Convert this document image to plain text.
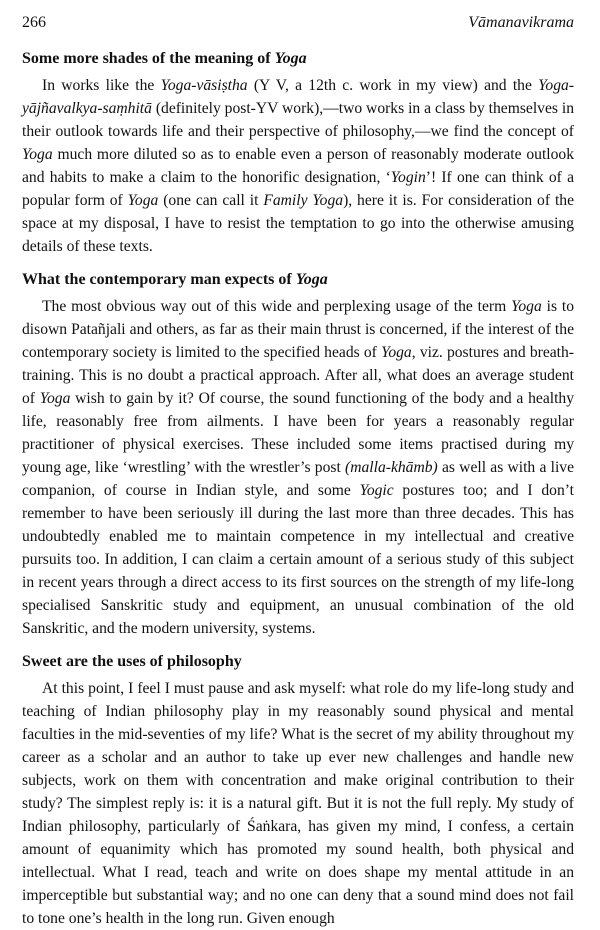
266	Vāmanavikrama
Some more shades of the meaning of Yoga

In works like the Yoga-vāsiṣtha (Y V, a 12th c. work in my view) and the Yoga-yājñavalkya-saṃhitā (definitely post-YV work),—two works in a class by themselves in their outlook towards life and their perspective of philosophy,—we find the concept of Yoga much more diluted so as to enable even a person of reasonably moderate outlook and habits to make a claim to the honorific designation, ‘Yogin’! If one can think of a popular form of Yoga (one can call it Family Yoga), here it is. For consideration of the space at my disposal, I have to resist the temptation to go into the otherwise amusing details of these texts.

What the contemporary man expects of Yoga

The most obvious way out of this wide and perplexing usage of the term Yoga is to disown Patañjali and others, as far as their main thrust is concerned, if the interest of the contemporary society is limited to the specified heads of Yoga, viz. postures and breath-training. This is no doubt a practical approach. After all, what does an average student of Yoga wish to gain by it? Of course, the sound functioning of the body and a healthy life, reasonably free from ailments. I have been for years a reasonably regular practitioner of physical exercises. These included some items practised during my young age, like ‘wrestling’ with the wrestler’s post (malla-khāmb) as well as with a live companion, of course in Indian style, and some Yogic postures too; and I don’t remember to have been seriously ill during the last more than three decades. This has undoubtedly enabled me to maintain competence in my intellectual and creative pursuits too. In addition, I can claim a certain amount of a serious study of this subject in recent years through a direct access to its first sources on the strength of my life-long specialised Sanskritic study and equipment, an unusual combination of the old Sanskritic, and the modern university, systems.

Sweet are the uses of philosophy

At this point, I feel I must pause and ask myself: what role do my life-long study and teaching of Indian philosophy play in my reasonably sound physical and mental faculties in the mid-seventies of my life? What is the secret of my ability throughout my career as a scholar and an author to take up ever new challenges and handle new subjects, work on them with concentration and make original contribution to their study? The simplest reply is: it is a natural gift. But it is not the full reply. My study of Indian philosophy, particularly of Śaṅkara, has given my mind, I confess, a certain amount of equanimity which has promoted my sound health, both physical and intellectual. What I read, teach and write on does shape my mental attitude in an imperceptible but substantial way; and no one can deny that a sound mind does not fail to tone one’s health in the long run. Given enough
